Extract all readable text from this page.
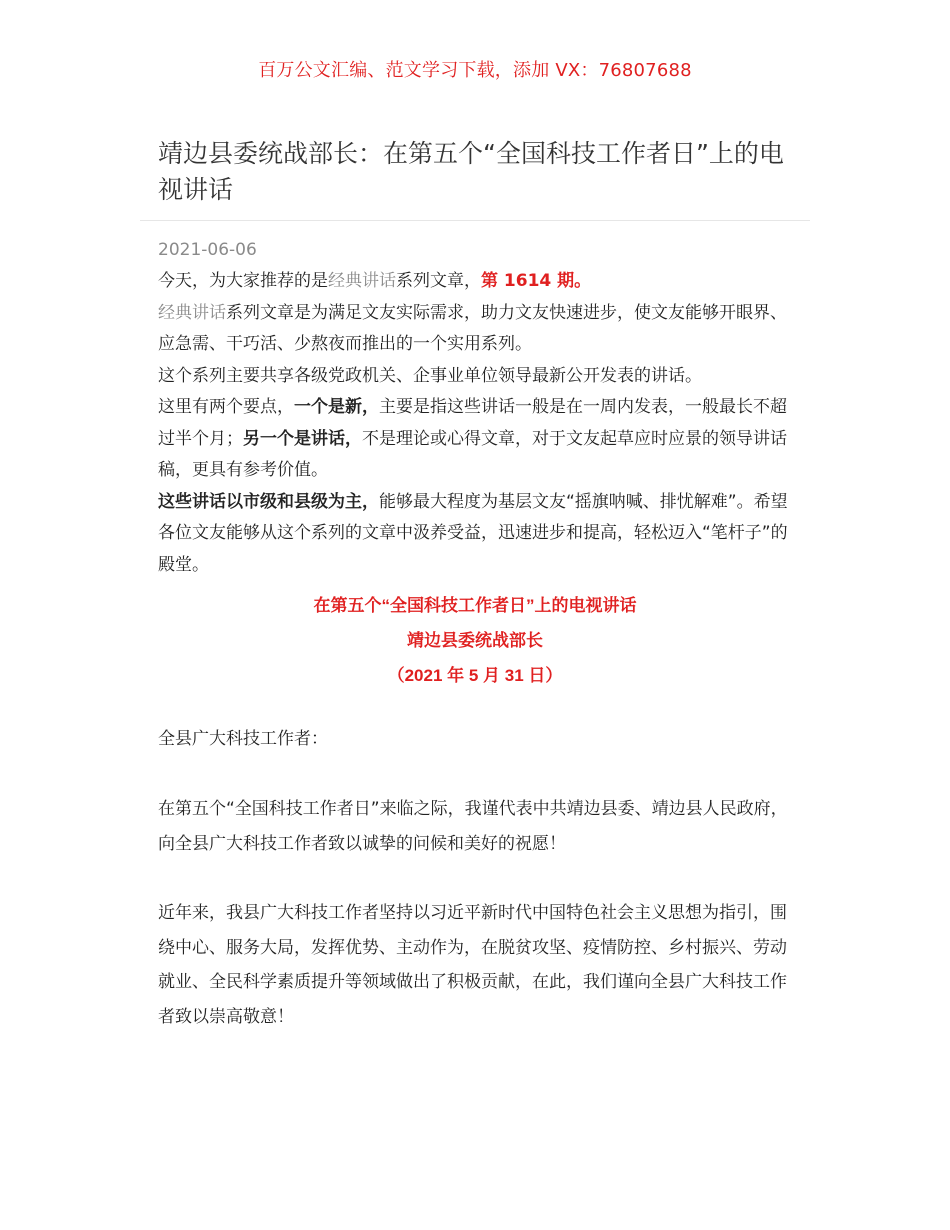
百万公文汇编、范文学习下载，添加 VX：76807688
靖边县委统战部长：在第五个“全国科技工作者日”上的电视讲话
2021-06-06

今天，为大家推荐的是经典讲话系列文章，第 1614 期。

经典讲话系列文章是为满足文友实际需求，助力文友快速进步，使文友能够开眼界、应急需、干巧活、少熬夜而推出的一个实用系列。

这个系列主要共享各级党政机关、企事业单位领导最新公开发表的讲话。

这里有两个要点，一个是新，主要是指这些讲话一般是在一周内发表，一般最长不超过半个月；另一个是讲话，不是理论或心得文章，对于文友起草应时应景的领导讲话稿，更具有参考价值。

这些讲话以市级和县级为主，能够最大程度为基层文友“摇旗呐喊、排忧解难”。希望各位文友能够从这个系列的文章中汲养受益，迅速进步和提高，轻松迈入“笔杆子”的殿堂。

在第五个“全国科技工作者日”上的电视讲话
靖边县委统战部长
（2021 年 5 月 31 日）

全县广大科技工作者：

在第五个“全国科技工作者日”来临之际，我谨代表中共靖边县委、靖边县人民政府，向全县广大科技工作者致以诚挚的问候和美好的祝愿！

近年来，我县广大科技工作者坚持以习近平新时代中国特色社会主义思想为指引，围绕中心、服务大局，发挥优势、主动作为，在脱贫攻坚、疫情防控、乡村振兴、劳动就业、全民科学素质提升等领域做出了积极贡献，在此，我们谨向全县广大科技工作者致以崇高敬意！
